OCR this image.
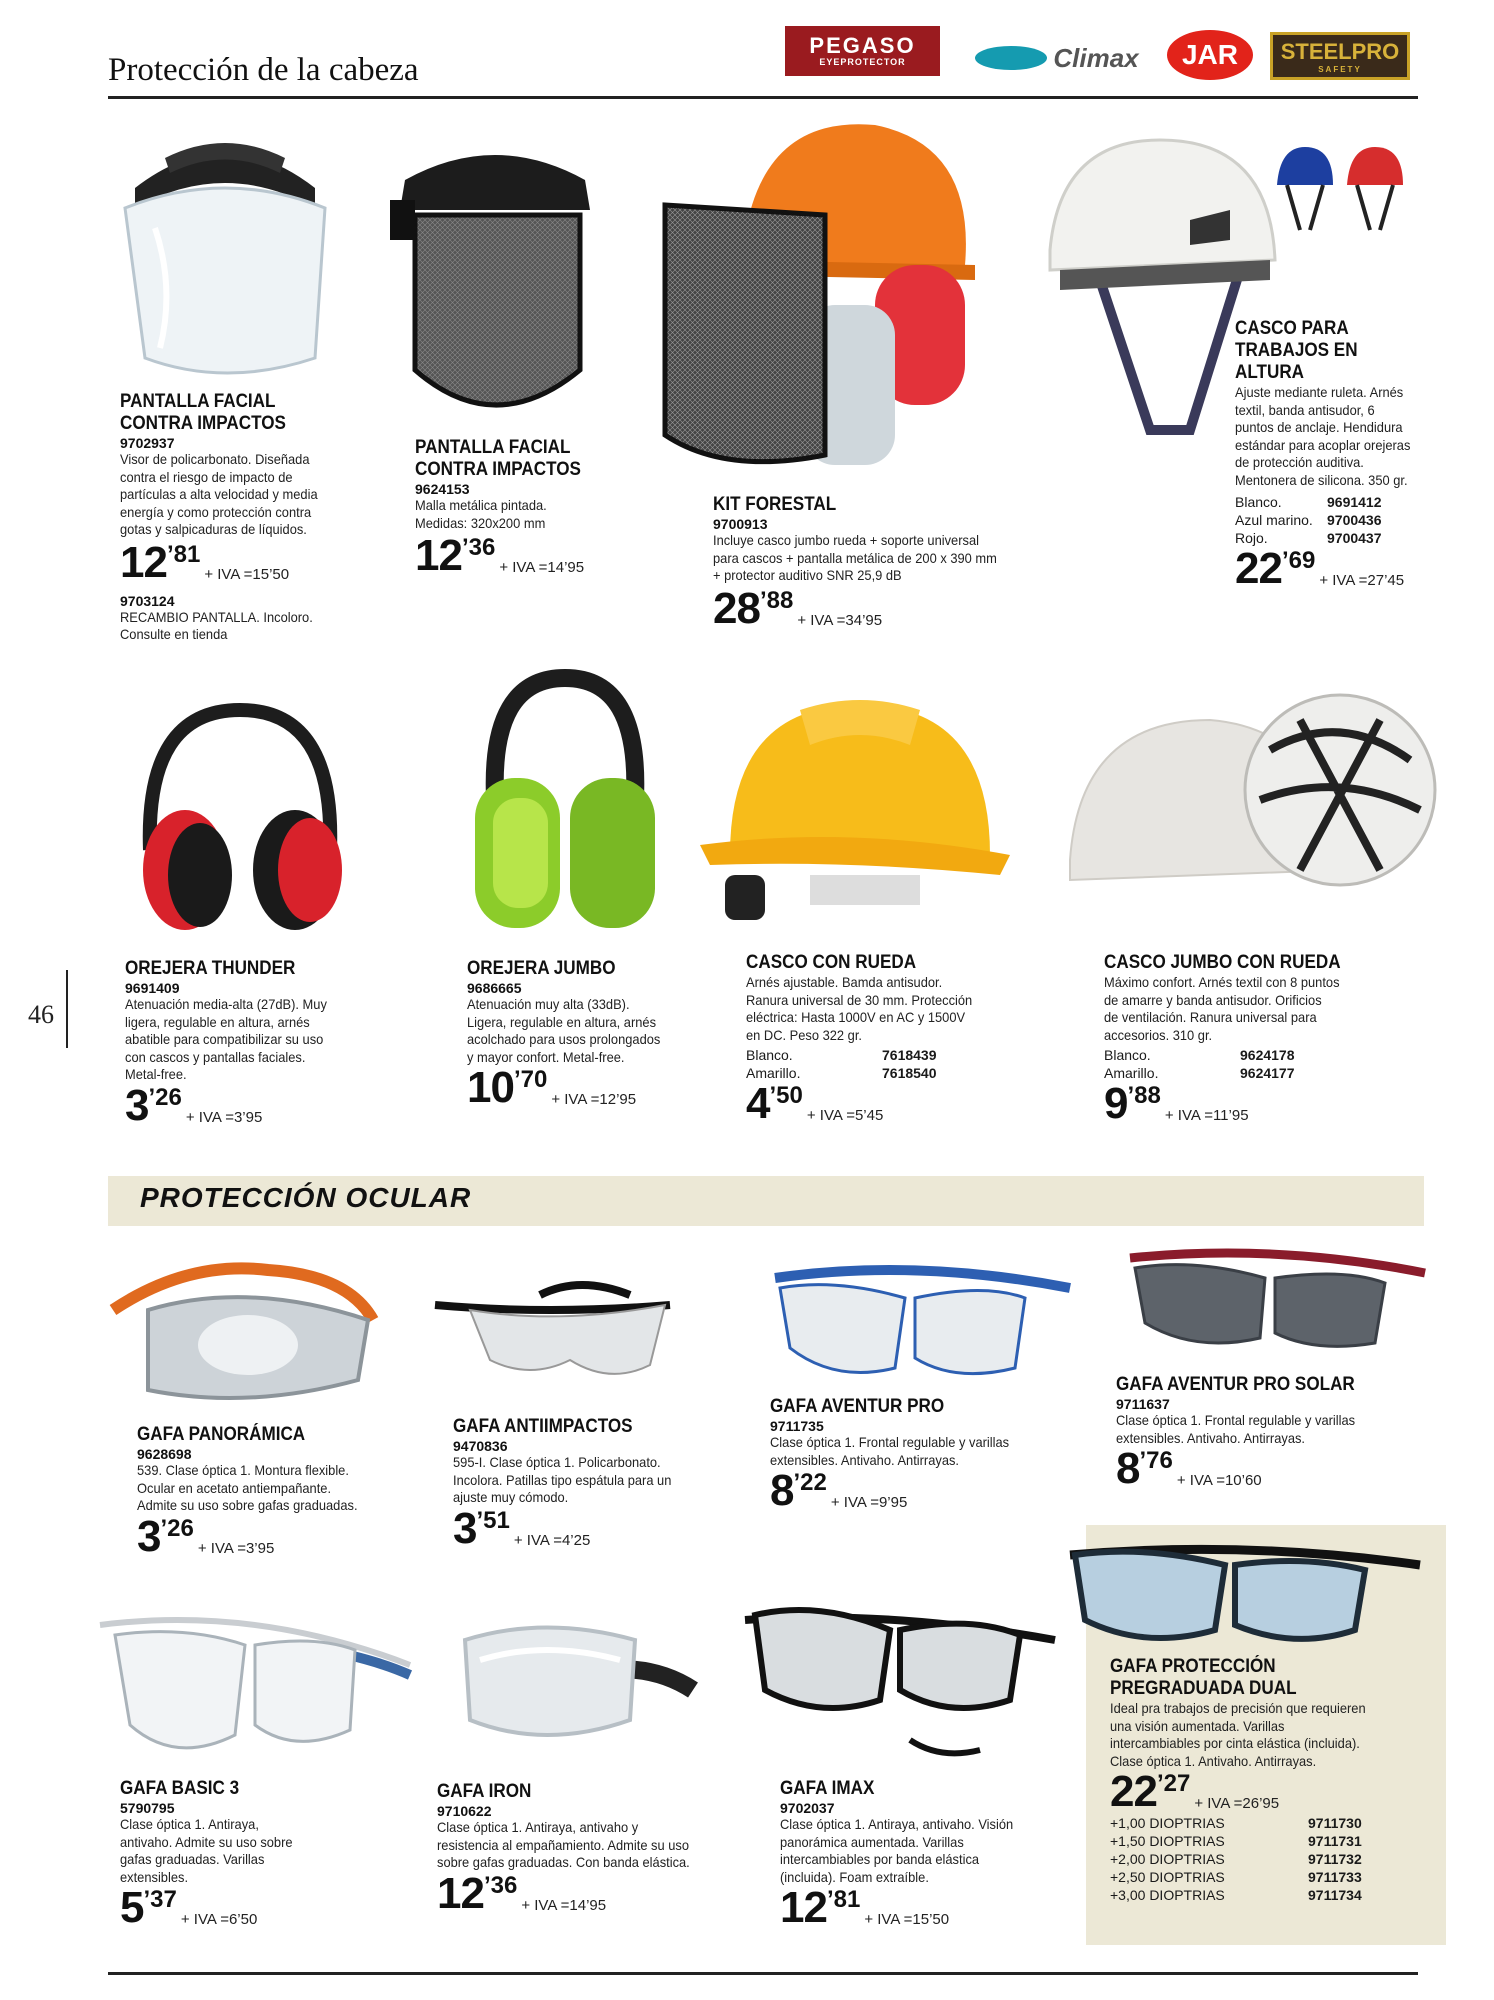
Protección de la cabeza
PEGASO
EYEPROTECTOR	Climax JAR STEELPRO
SAFETY
46
PANTALLA FACIAL
CONTRA IMPACTOS
9702937
Visor de policarbonato. Diseñada
contra el riesgo de impacto de
partículas a alta velocidad y media
energía y como protección contra
gotas y salpicaduras de líquidos.
12 ’81
+ IVA =15’50
9703124
RECAMBIO PANTALLA. Incoloro.
Consulte en tienda
PANTALLA FACIAL
CONTRA IMPACTOS
9624153
Malla metálica pintada.
Medidas: 320x200 mm
12 ’36
+ IVA =14’95
KIT FORESTAL
9700913
Incluye casco jumbo rueda + soporte universal
para cascos + pantalla metálica de 200 x 390 mm
+ protector auditivo SNR 25,9 dB
28 ’88
+ IVA =34’95
CASCO PARA
TRABAJOS EN ALTURA
Ajuste mediante ruleta. Arnés
textil, banda antisudor, 6
puntos de anclaje. Hendidura
estándar para acoplar orejeras
de protección auditiva.
Mentonera de silicona. 350 gr.
Blanco.	9691412
Azul marino.	9700436
Rojo.	9700437
22 ’69
+ IVA =27’45
OREJERA THUNDER
9691409
Atenuación media-alta (27dB). Muy
ligera, regulable en altura, arnés
abatible para compatibilizar su uso
con cascos y pantallas faciales.
Metal-free.
3 ’26
+ IVA =3’95
OREJERA JUMBO
9686665
Atenuación muy alta (33dB).
Ligera, regulable en altura, arnés
acolchado para usos prolongados
y mayor confort. Metal-free.
10 ’70
+ IVA =12’95
CASCO CON RUEDA
Arnés ajustable. Bamda antisudor.
Ranura universal de 30 mm. Protección
eléctrica: Hasta 1000V en AC y 1500V
en DC. Peso 322 gr.
Blanco.	7618439
Amarillo.	7618540
4 ’50
+ IVA =5’45
CASCO JUMBO CON RUEDA
Máximo confort. Arnés textil con 8 puntos
de amarre y banda antisudor. Orificios
de ventilación. Ranura universal para
accesorios. 310 gr.
Blanco.	9624178
Amarillo.	9624177
9 ’88
+ IVA =11’95
PROTECCIÓN OCULAR
GAFA PANORÁMICA
9628698
539. Clase óptica 1. Montura flexible.
Ocular en acetato antiempañante.
Admite su uso sobre gafas graduadas.
3 ’26
+ IVA =3’95
GAFA ANTIIMPACTOS
9470836
595-I. Clase óptica 1. Policarbonato.
Incolora. Patillas tipo espátula para un
ajuste muy cómodo.
3 ’51
+ IVA =4’25
GAFA AVENTUR PRO
9711735
Clase óptica 1. Frontal regulable y varillas
extensibles. Antivaho. Antirrayas.
8 ’22
+ IVA =9’95
GAFA AVENTUR PRO SOLAR
9711637
Clase óptica 1. Frontal regulable y varillas
extensibles. Antivaho. Antirrayas.
8 ’76
+ IVA =10’60
GAFA BASIC 3
5790795
Clase óptica 1. Antiraya,
antivaho. Admite su uso sobre
gafas graduadas. Varillas
extensibles.
5 ’37
+ IVA =6’50
GAFA IRON
9710622
Clase óptica 1. Antiraya, antivaho y
resistencia al empañamiento. Admite su uso
sobre gafas graduadas. Con banda elástica.
12 ’36
+ IVA =14’95
GAFA IMAX
9702037
Clase óptica 1. Antiraya, antivaho. Visión
panorámica aumentada. Varillas
intercambiables por banda elástica
(incluida). Foam extraíble.
12 ’81
+ IVA =15’50
GAFA PROTECCIÓN
PREGRADUADA DUAL
Ideal pra trabajos de precisión que requieren
una visión aumentada. Varillas
intercambiables por cinta elástica (incluida).
Clase óptica 1. Antivaho. Antirrayas.
22 ’27
+ IVA =26’95
+1,00 DIOPTRIAS	9711730
+1,50 DIOPTRIAS	9711731
+2,00 DIOPTRIAS	9711732
+2,50 DIOPTRIAS	9711733
+3,00 DIOPTRIAS	9711734
